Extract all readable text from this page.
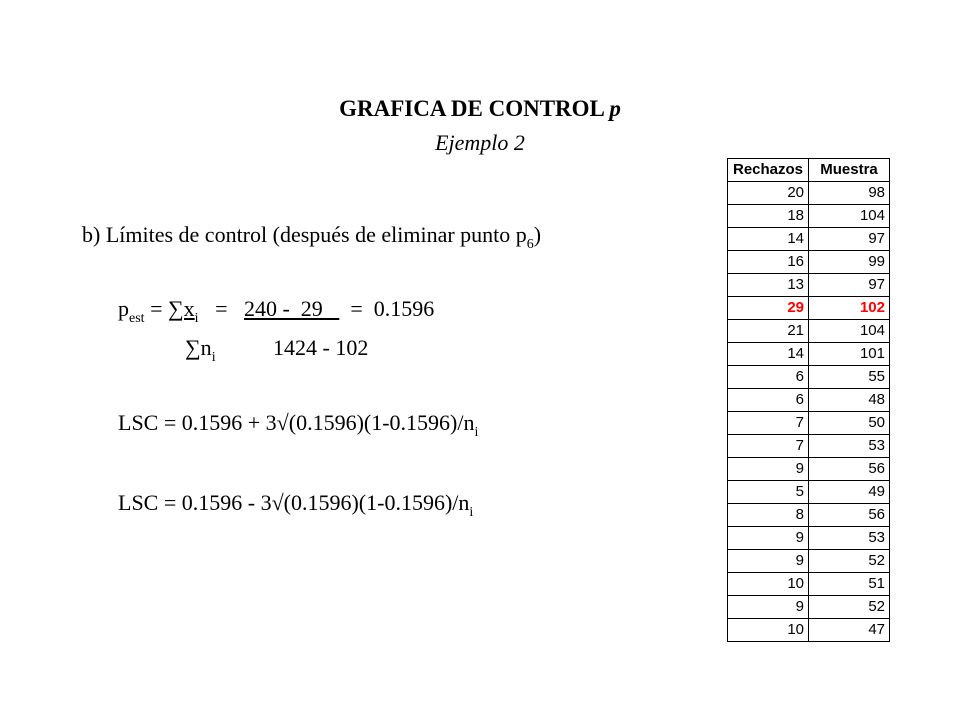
GRAFICA DE CONTROL p
Ejemplo 2
b) Límites de control (después de eliminar punto $p_6$)
$p_{est} = \sum x_i = 240 - 29$     =  0.1596
$\sum n_i$	1424 - 102
LSC = $0.1596 + 3√(0.1596)(1-0.1596)/n_i$
LSC = $0.1596 - 3√(0.1596)(1-0.1596)/n_i$
Rechazos	Muestra
20	98
18	104
14	97
16	99
13	97
29	102
21	104
14	101
6	55
6	48
7	50
7	53
9	56
5	49
8	56
9	53
9	52
10	51
9	52
10	47
